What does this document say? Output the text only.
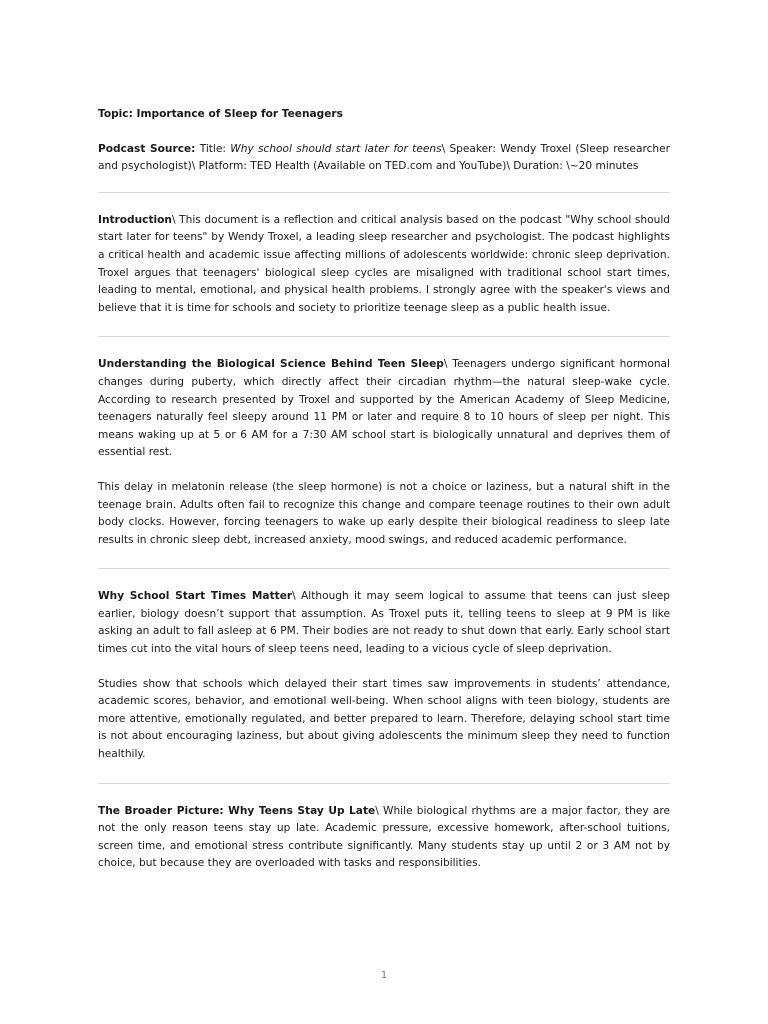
Topic: Importance of Sleep for Teenagers

Podcast Source: Title: Why school should start later for teens\ Speaker: Wendy Troxel (Sleep researcher and psychologist)\ Platform: TED Health (Available on TED.com and YouTube)\ Duration: \~20 minutes

Introduction\ This document is a reflection and critical analysis based on the podcast "Why school should start later for teens" by Wendy Troxel, a leading sleep researcher and psychologist. The podcast highlights a critical health and academic issue affecting millions of adolescents worldwide: chronic sleep deprivation. Troxel argues that teenagers' biological sleep cycles are misaligned with traditional school start times, leading to mental, emotional, and physical health problems. I strongly agree with the speaker's views and believe that it is time for schools and society to prioritize teenage sleep as a public health issue.

Understanding the Biological Science Behind Teen Sleep\ Teenagers undergo significant hormonal changes during puberty, which directly affect their circadian rhythm—the natural sleep-wake cycle. According to research presented by Troxel and supported by the American Academy of Sleep Medicine, teenagers naturally feel sleepy around 11 PM or later and require 8 to 10 hours of sleep per night. This means waking up at 5 or 6 AM for a 7:30 AM school start is biologically unnatural and deprives them of essential rest.

This delay in melatonin release (the sleep hormone) is not a choice or laziness, but a natural shift in the teenage brain. Adults often fail to recognize this change and compare teenage routines to their own adult body clocks. However, forcing teenagers to wake up early despite their biological readiness to sleep late results in chronic sleep debt, increased anxiety, mood swings, and reduced academic performance.

Why School Start Times Matter\ Although it may seem logical to assume that teens can just sleep earlier, biology doesn’t support that assumption. As Troxel puts it, telling teens to sleep at 9 PM is like asking an adult to fall asleep at 6 PM. Their bodies are not ready to shut down that early. Early school start times cut into the vital hours of sleep teens need, leading to a vicious cycle of sleep deprivation.

Studies show that schools which delayed their start times saw improvements in students’ attendance, academic scores, behavior, and emotional well-being. When school aligns with teen biology, students are more attentive, emotionally regulated, and better prepared to learn. Therefore, delaying school start time is not about encouraging laziness, but about giving adolescents the minimum sleep they need to function healthily.

The Broader Picture: Why Teens Stay Up Late\ While biological rhythms are a major factor, they are not the only reason teens stay up late. Academic pressure, excessive homework, after-school tuitions, screen time, and emotional stress contribute significantly. Many students stay up until 2 or 3 AM not by choice, but because they are overloaded with tasks and responsibilities.

1
